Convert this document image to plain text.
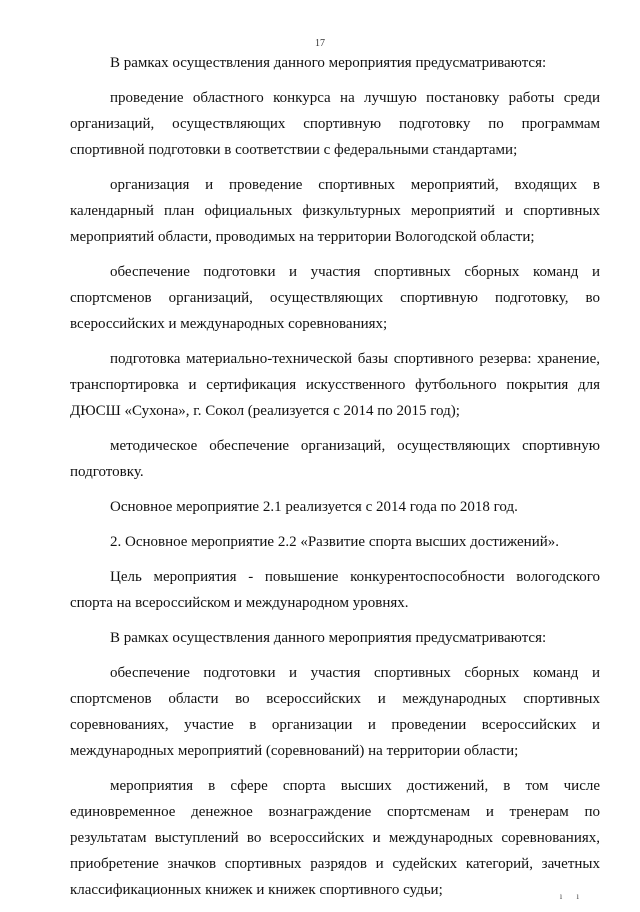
17

В рамках осуществления данного мероприятия предусматриваются:

проведение областного конкурса на лучшую постановку работы среди организаций, осуществляющих спортивную подготовку по программам спортивной подготовки в соответствии с федеральными стандартами;

организация и проведение спортивных мероприятий, входящих в календарный план официальных физкультурных мероприятий и спортивных мероприятий области, проводимых на территории Вологодской области;

обеспечение подготовки и участия спортивных сборных команд и спортсменов организаций, осуществляющих спортивную подготовку, во всероссийских и международных соревнованиях;

подготовка материально-технической базы спортивного резерва: хранение, транспортировка и сертификация искусственного футбольного покрытия для ДЮСШ «Сухона», г. Сокол (реализуется с 2014 по 2015 год);

методическое обеспечение организаций, осуществляющих спортивную подготовку.

Основное мероприятие 2.1 реализуется с 2014 года по 2018 год.

2. Основное мероприятие 2.2 «Развитие спорта высших достижений».

Цель мероприятия - повышение конкурентоспособности вологодского спорта на всероссийском и международном уровнях.

В рамках осуществления данного мероприятия предусматриваются:

обеспечение подготовки и участия спортивных сборных команд и спортсменов области во всероссийских и международных спортивных соревнованиях, участие в организации и проведении всероссийских и международных мероприятий (соревнований) на территории области;

мероприятия в сфере спорта высших достижений, в том числе единовременное денежное вознаграждение спортсменам и тренерам по результатам выступлений во всероссийских и международных соревнованиях, приобретение значков спортивных разрядов и судейских категорий, зачетных классификационных книжек и книжек спортивного судьи;	ı ı
